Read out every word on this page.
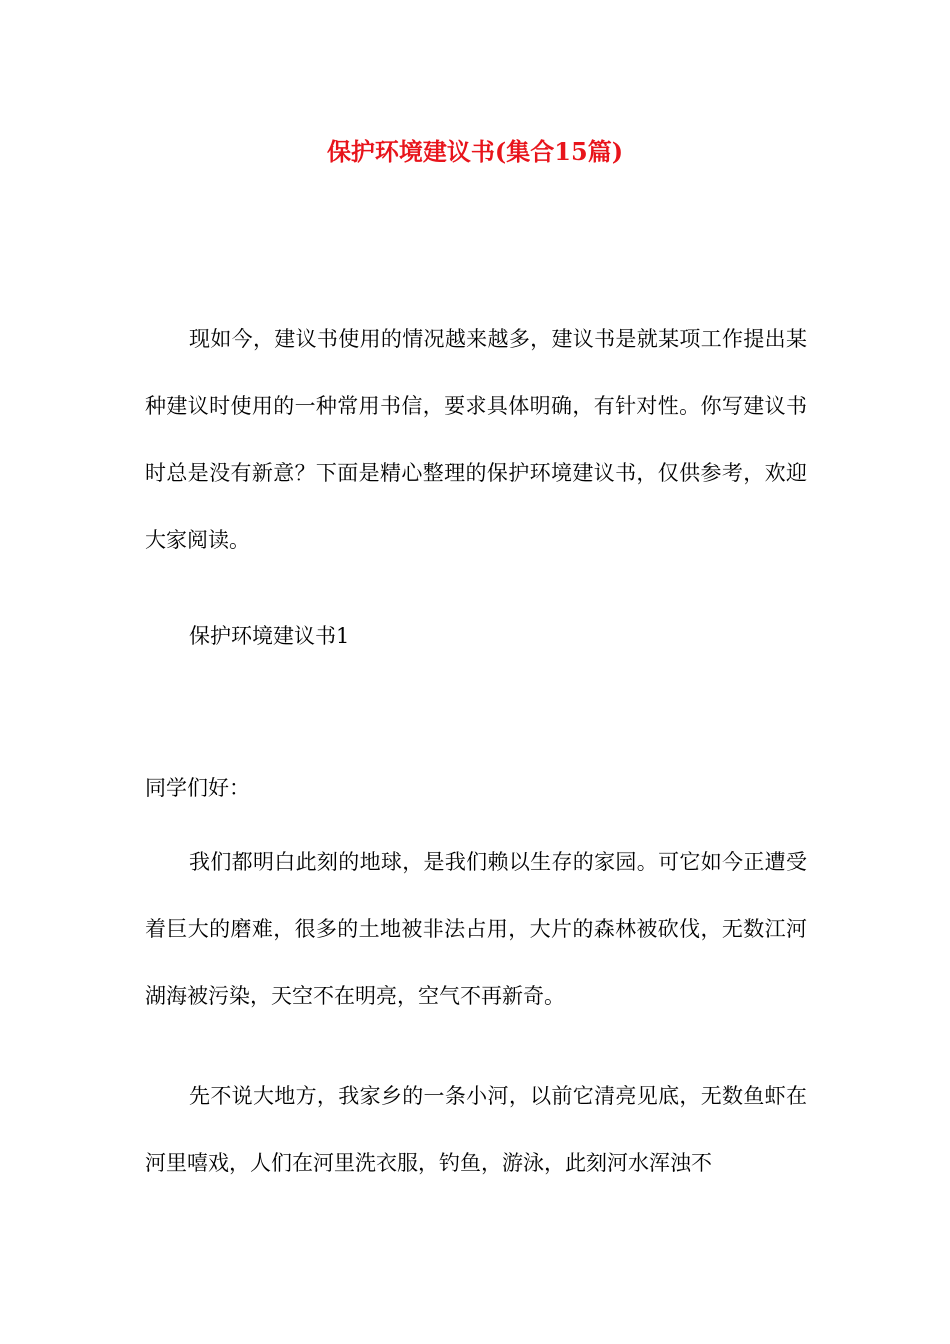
保护环境建议书(集合15篇)

现如今，建议书使用的情况越来越多，建议书是就某项工作提出某种建议时使用的一种常用书信，要求具体明确，有针对性。你写建议书时总是没有新意？下面是精心整理的保护环境建议书，仅供参考，欢迎大家阅读。

保护环境建议书1

同学们好：

我们都明白此刻的地球，是我们赖以生存的家园。可它如今正遭受着巨大的磨难，很多的土地被非法占用，大片的森林被砍伐，无数江河湖海被污染，天空不在明亮，空气不再新奇。

先不说大地方，我家乡的一条小河，以前它清亮见底，无数鱼虾在河里嘻戏，人们在河里洗衣服，钓鱼，游泳，此刻河水浑浊不
